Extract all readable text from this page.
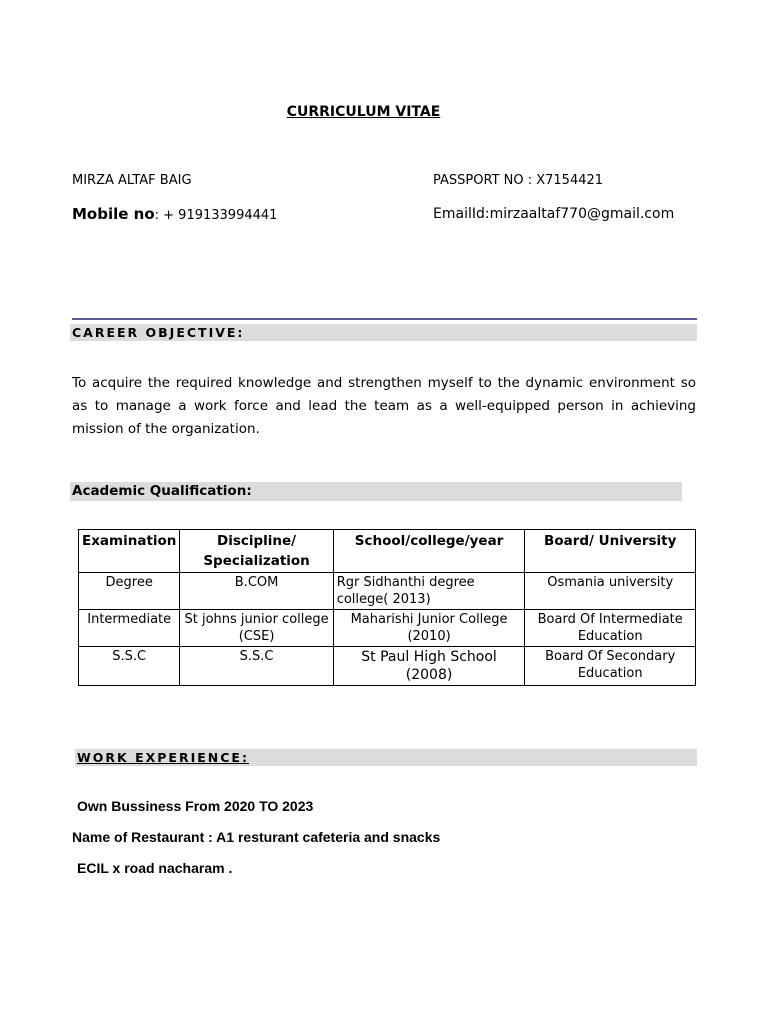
CURRICULUM VITAE
MIRZA ALTAF BAIG	PASSPORT NO : X7154421
Mobile no: + 919133994441	EmailId:mirzaaltaf770@gmail.com
CAREER OBJECTIVE:
To acquire the required knowledge and strengthen myself to the dynamic environment so as to manage a work force and lead the team as a well-equipped person in achieving mission of the organization.
Academic Qualification:
Examination	Discipline/ Specialization	School/college/year	Board/ University
Degree	B.COM	Rgr Sidhanthi degree college( 2013)	Osmania university
Intermediate	St johns junior college (CSE)	Maharishi Junior College (2010)	Board Of Intermediate Education
S.S.C	S.S.C	St Paul High School (2008)	Board Of Secondary Education
WORK EXPERIENCE:
Own Bussiness From 2020 TO 2023
Name of Restaurant : A1 resturant cafeteria and snacks
ECIL x road nacharam .
